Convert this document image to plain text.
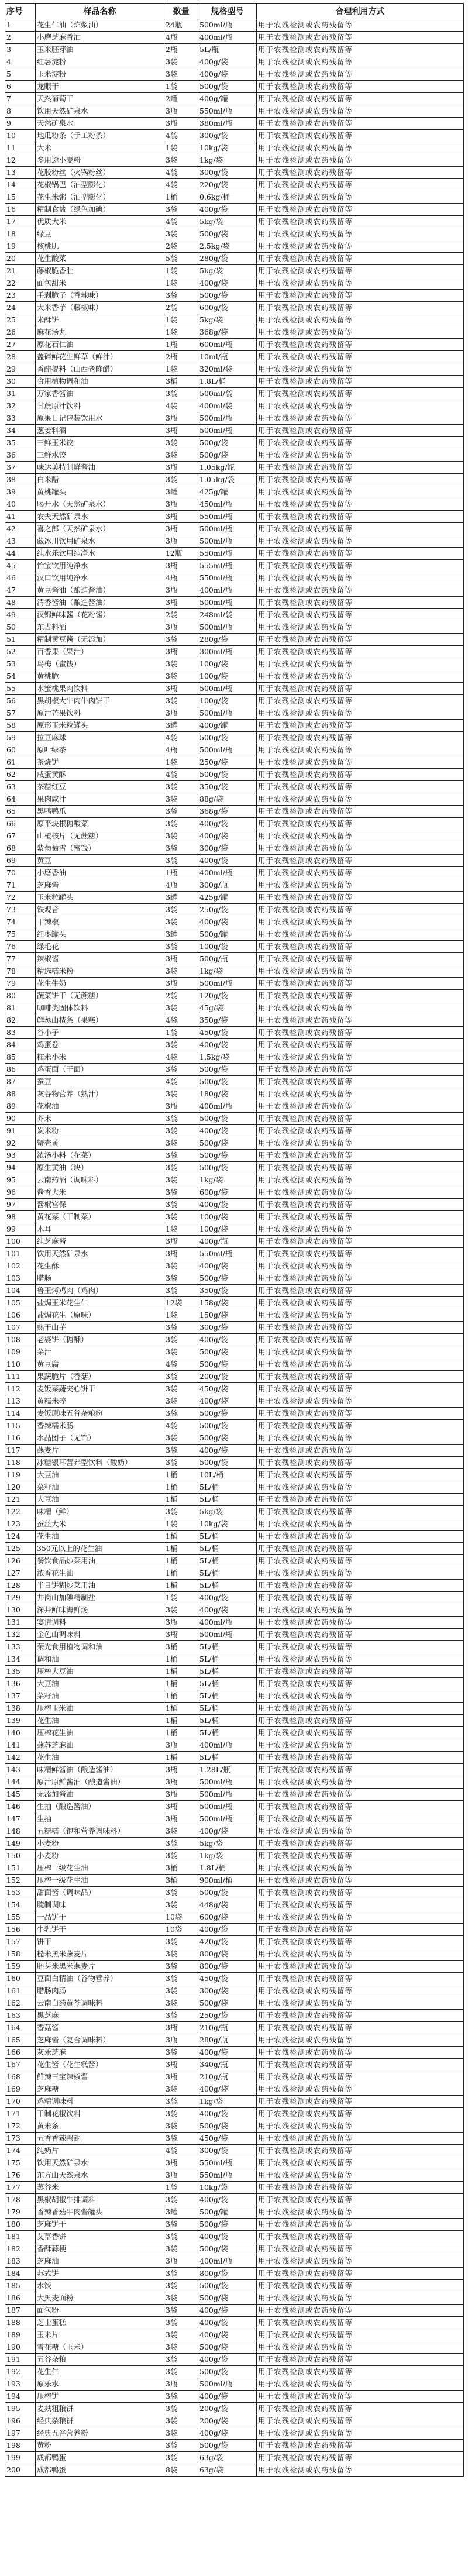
序号	样品名称	数量	规格型号	合理利用方式
1	花生仁油（炸浆油）	24瓶	500ml/瓶	用于农残检测或农药残留等
2	小磨芝麻香油	4瓶	400ml/瓶	用于农残检测或农药残留等
3	玉米胚芽油	2瓶	5L/瓶	用于农残检测或农药残留等
4	红薯淀粉	3袋	400g/袋	用于农残检测或农药残留等
5	玉米淀粉	3袋	400g/袋	用于农残检测或农药残留等
6	龙眼干	1袋	500g/袋	用于农残检测或农药残留等
7	天然葡萄干	2罐	400g/罐	用于农残检测或农药残留等
8	饮用天然矿泉水	3瓶	550ml/瓶	用于农残检测或农药残留等
9	天然矿泉水	3瓶	380ml/瓶	用于农残检测或农药残留等
10	地瓜粉条（手工粉条）	4袋	300g/袋	用于农残检测或农药残留等
11	大米	1袋	10kg/袋	用于农残检测或农药残留等
12	多用途小麦粉	3袋	1kg/袋	用于农残检测或农药残留等
13	花胶粉丝（火锅粉丝）	4袋	300g/袋	用于农残检测或农药残留等
14	花椒锅巴（油型膨化）	4袋	220g/袋	用于农残检测或农药残留等
15	花生米粥（油型膨化）	1桶	0.6kg/桶	用于农残检测或农药残留等
16	精制食盐（绿色加碘）	3袋	400g/袋	用于农残检测或农药残留等
17	优质大米	4袋	5kg/袋	用于农残检测或农药残留等
18	绿豆	3袋	500g/袋	用于农残检测或农药残留等
19	核桃肌	2袋	2.5kg/袋	用于农残检测或农药残留等
20	花生酸菜	5袋	280g/袋	用于农残检测或农药残留等
21	藤椒脆香肚	1袋	5kg/袋	用于农残检测或农药残留等
22	面包甜米	1袋	400g/袋	用于农残检测或农药残留等
23	手剥脆子（香辣味）	3袋	500g/袋	用于农残检测或农药残留等
24	大米香芋（藤椒味）	2袋	600g/袋	用于农残检测或农药残留等
25	米酥饼	1袋	5kg/袋	用于农残检测或农药残留等
26	麻花汤丸	1袋	368g/袋	用于农残检测或农药残留等
27	原花石仁油	1瓶	600ml/瓶	用于农残检测或农药残留等
28	盖碎鲜花生鲜草（鲜汁）	2瓶	10ml/瓶	用于农残检测或农药残留等
29	香醋提料（山西老陈醋）	1袋	320ml/袋	用于农残检测或农药残留等
30	食用植物调和油	3桶	1.8L/桶	用于农残检测或农药残留等
31	万家香酱油	3袋	500ml/袋	用于农残检测或农药残留等
32	甘蔗原汁饮料	4袋	400ml/袋	用于农残检测或农药残留等
33	原果日记包装饮用水	3瓶	500ml/瓶	用于农残检测或农药残留等
34	葱姜料酒	3瓶	500ml/瓶	用于农残检测或农药残留等
35	三鲜玉米饺	3袋	500g/袋	用于农残检测或农药残留等
36	三鲜水饺	3袋	500g/袋	用于农残检测或农药残留等
37	味达美特制鲜酱油	3瓶	1.05kg/瓶	用于农残检测或农药残留等
38	白米醋	3袋	1.05kg/袋	用于农残检测或农药残留等
39	黄桃罐头	3罐	425g/罐	用于农残检测或农药残留等
40	喝开水（天然矿泉水）	3瓶	450ml/瓶	用于农残检测或农药残留等
41	农夫天然矿泉水	3瓶	550ml/瓶	用于农残检测或农药残留等
42	喜之郎（天然矿泉水）	3瓶	500ml/瓶	用于农残检测或农药残留等
43	藏冰川饮用矿泉水	3瓶	500ml/瓶	用于农残检测或农药残留等
44	纯水乐饮用纯净水	12瓶	550ml/瓶	用于农残检测或农药残留等
45	怡宝饮用纯净水	3瓶	555ml/瓶	用于农残检测或农药残留等
46	汉口饮用纯净水	4瓶	550ml/瓶	用于农残检测或农药残留等
47	黄豆酱油（酿造酱油）	3瓶	400ml/瓶	用于农残检测或农药残留等
48	清香酱油（酿造酱油）	3瓶	500ml/瓶	用于农残检测或农药残留等
49	汉锦鲜味酱（花粉酱）	2袋	248ml/袋	用于农残检测或农药残留等
50	东古料酒	3瓶	500ml/瓶	用于农残检测或农药残留等
51	精制黄豆酱（无添加）	3袋	280g/袋	用于农残检测或农药残留等
52	百香果（果汁）	3瓶	300ml/瓶	用于农残检测或农药残留等
53	鸟梅（蜜饯）	3袋	100g/袋	用于农残检测或农药残留等
54	黄桃脆	3袋	100g/袋	用于农残检测或农药残留等
55	水蜜桃果肉饮料	3瓶	500ml/瓶	用于农残检测或农药残留等
56	黑胡椒大牛肉牛肉饼干	3袋	100g/袋	用于农残检测或农药残留等
57	原汁芒果饮料	3瓶	500ml/瓶	用于农残检测或农药残留等
58	原形玉米粒罐头	3罐	400g/罐	用于农残检测或农药残留等
59	拉豆麻球	4袋	500g/袋	用于农残检测或农药残留等
60	原叶绿茶	4瓶	500ml/瓶	用于农残检测或农药残留等
61	茶烧饼	1袋	250g/袋	用于农残检测或农药残留等
62	咸蛋黄酥	4袋	500g/袋	用于农残检测或农药残留等
63	茶糖红豆	3袋	350g/袋	用于农残检测或农药残留等
64	果肉咸汁	3袋	88g/袋	用于农残检测或农药残留等
65	黑鸭鸭爪	3袋	368g/袋	用于农残检测或农药残留等
66	原平块根糖酸菜	3袋	400g/袋	用于农残检测或农药残留等
67	山楂核片（无蔗糖）	3袋	400g/袋	用于农残检测或农药残留等
68	紫葡萄雪（蜜饯）	3袋	300g/袋	用于农残检测或农药残留等
69	黄豆	3袋	400g/袋	用于农残检测或农药残留等
70	小磨香油	1瓶	400ml/瓶	用于农残检测或农药残留等
71	芝麻酱	4瓶	300g/瓶	用于农残检测或农药残留等
72	玉米粒罐头	3罐	425g/罐	用于农残检测或农药残留等
73	铁观音	3袋	250g/袋	用于农残检测或农药残留等
74	干辣椒	3袋	400g/袋	用于农残检测或农药残留等
75	红枣罐头	3罐	500g/罐	用于农残检测或农药残留等
76	绿毛花	3袋	100g/袋	用于农残检测或农药残留等
77	辣椒酱	3瓶	500g/瓶	用于农残检测或农药残留等
78	精选糯米粉	3袋	1kg/袋	用于农残检测或农药残留等
79	花生牛奶	3瓶	500ml/瓶	用于农残检测或农药残留等
80	蔬菜饼干（无蔗糖）	2袋	120g/袋	用于农残检测或农药残留等
81	咖啡类固体饮料	3袋	45g/袋	用于农残检测或农药残留等
82	鲜蒸山楂条（果糕）	4袋	350g/袋	用于农残检测或农药残留等
83	谷小子	1袋	450g/袋	用于农残检测或农药残留等
84	鸡蛋卷	3袋	400g/袋	用于农残检测或农药残留等
85	糯米小米	4袋	1.5kg/袋	用于农残检测或农药残留等
86	鸡蛋面（干面）	3袋	500g/袋	用于农残检测或农药残留等
87	蚕豆	4袋	500g/袋	用于农残检测或农药残留等
88	灰谷物营养（熟汁）	3袋	180g/袋	用于农残检测或农药残留等
89	花椒油	3瓶	400ml/瓶	用于农残检测或农药残留等
90	芥末	3袋	500g/袋	用于农残检测或农药残留等
91	炭米粉	3袋	400g/袋	用于农残检测或农药残留等
92	蟹壳黄	3袋	500g/袋	用于农残检测或农药残留等
93	浓汤小料（花菜）	3袋	500g/袋	用于农残检测或农药残留等
94	原生黄油（块）	3袋	500g/袋	用于农残检测或农药残留等
95	云南药酒（调味料）	3袋	1kg/袋	用于农残检测或农药残留等
96	酱香大米	3袋	600g/袋	用于农残检测或农药残留等
97	酱椒宫保	3袋	400g/袋	用于农残检测或农药残留等
98	黄花菜（干制菜）	3袋	100g/袋	用于农残检测或农药残留等
99	木耳	1袋	100g/袋	用于农残检测或农药残留等
100	纯芝麻酱	3瓶	400g/瓶	用于农残检测或农药残留等
101	饮用天然矿泉水	3瓶	550ml/瓶	用于农残检测或农药残留等
102	花生酥	3袋	400g/袋	用于农残检测或农药残留等
103	腊肠	3袋	500g/袋	用于农残检测或农药残留等
104	鲁王烤鸡肉（鸡肉）	3袋	350g/袋	用于农残检测或农药残留等
105	盐焗玉米花生仁	12袋	158g/袋	用于农残检测或农药残留等
106	盐焗花生（原味）	1袋	150g/袋	用于农残检测或农药残留等
107	熟干山芋	3袋	300g/袋	用于农残检测或农药残留等
108	老婆饼（糖酥）	3袋	400g/袋	用于农残检测或农药残留等
109	菜汁	3袋	500g/袋	用于农残检测或农药残留等
110	黄豆腐	4袋	500g/袋	用于农残检测或农药残留等
111	果蔬脆片（香菇）	3袋	200g/袋	用于农残检测或农药残留等
112	麦饭菜蔬夹心饼干	3袋	450g/袋	用于农残检测或农药残留等
113	黄糯米碎	3袋	400g/袋	用于农残检测或农药残留等
114	麦饭原味五谷杂粮粉	3袋	500g/袋	用于农残检测或农药残留等
115	香辣糯米肠	4袋	500g/袋	用于农残检测或农药残留等
116	水晶团子（无馅）	3袋	500g/袋	用于农残检测或农药残留等
117	燕麦片	3袋	400g/袋	用于农残检测或农药残留等
118	冰糖银耳营养型饮料（酸奶）	3袋	500g/袋	用于农残检测或农药残留等
119	大豆油	1桶	10L/桶	用于农残检测或农药残留等
120	菜籽油	1桶	5L/桶	用于农残检测或农药残留等
121	大豆油	1桶	5L/桶	用于农残检测或农药残留等
122	味精（鲜）	3袋	5kg/袋	用于农残检测或农药残留等
123	蚕丝大米	1袋	10kg/袋	用于农残检测或农药残留等
124	花生油	1桶	5L/桶	用于农残检测或农药残留等
125	350元以上的花生油	1桶	5L/桶	用于农残检测或农药残留等
126	餐饮食品炒菜用油	1桶	5L/桶	用于农残检测或农药残留等
127	浓香花生油	1桶	5L/桶	用于农残检测或农药残留等
128	半日饼糊炒菜用油	1桶	5L/桶	用于农残检测或农药残留等
129	井岗山加碘精制盐	1袋	400g/袋	用于农残检测或农药残留等
130	深井鲜味海鲜汤	3袋	400g/袋	用于农残检测或农药残留等
131	宴请调料	3瓶	400ml/瓶	用于农残检测或农药残留等
132	金色山调味料	3瓶	500ml/瓶	用于农残检测或农药残留等
133	荣光食用植物调和油	3桶	5L/桶	用于农残检测或农药残留等
134	调和油	1桶	5L/桶	用于农残检测或农药残留等
135	压榨大豆油	1桶	5L/桶	用于农残检测或农药残留等
136	大豆油	1桶	5L/桶	用于农残检测或农药残留等
137	菜籽油	1桶	5L/桶	用于农残检测或农药残留等
138	压榨玉米油	1桶	5L/桶	用于农残检测或农药残留等
139	花生油	1桶	5L/桶	用于农残检测或农药残留等
140	压榨花生油	1桶	5L/桶	用于农残检测或农药残留等
141	燕苏芝麻油	3瓶	400ml/瓶	用于农残检测或农药残留等
142	花生油	1桶	5L/桶	用于农残检测或农药残留等
143	味精鲜酱油（酿造酱油）	3瓶	1.28L/瓶	用于农残检测或农药残留等
144	原汁原鲜酱油（酿造酱油）	3瓶	500ml/瓶	用于农残检测或农药残留等
145	无添加酱油	3瓶	500ml/瓶	用于农残检测或农药残留等
146	生抽（酿造酱油）	3瓶	500ml/瓶	用于农残检测或农药残留等
147	生抽	3瓶	500ml/瓶	用于农残检测或农药残留等
148	五糖糯（饱和营养调味料）	3袋	400g/袋	用于农残检测或农药残留等
149	小麦粉	3袋	5kg/袋	用于农残检测或农药残留等
150	小麦粉	3袋	1kg/袋	用于农残检测或农药残留等
151	压榨一级花生油	3桶	1.8L/桶	用于农残检测或农药残留等
152	压榨一级花生油	3桶	900ml/桶	用于农残检测或农药残留等
153	甜面酱（调味品）	3袋	500g/袋	用于农残检测或农药残留等
154	腌制调味	3袋	448g/袋	用于农残检测或农药残留等
155	一品饼干	10袋	600g/袋	用于农残检测或农药残留等
156	牛乳饼干	10袋	400g/袋	用于农残检测或农药残留等
157	饼干	3袋	420g/袋	用于农残检测或农药残留等
158	糙米黑米燕麦片	3袋	800g/袋	用于农残检测或农药残留等
159	胚芽米黑米燕麦片	3袋	800g/袋	用于农残检测或农药残留等
160	豆面白精油（谷物营养）	3袋	450g/袋	用于农残检测或农药残留等
161	腊肠肉肠	3袋	300g/袋	用于农残检测或农药残留等
162	云南白药黄芩调味料	3袋	500g/袋	用于农残检测或农药残留等
163	黑芝麻	3袋	250g/袋	用于农残检测或农药残留等
164	香菇酱	3瓶	210g/瓶	用于农残检测或农药残留等
165	芝麻酱（复合调味料）	3瓶	280g/瓶	用于农残检测或农药残留等
166	灰乐芝麻	3袋	400g/袋	用于农残检测或农药残留等
167	花生酱（花生糕酱）	3瓶	340g/瓶	用于农残检测或农药残留等
168	鲜辣三宝辣椒酱	3瓶	210g/瓶	用于农残检测或农药残留等
169	芝麻糖	3袋	400g/袋	用于农残检测或农药残留等
170	鸡精调味料	3袋	1kg/袋	用于农残检测或农药残留等
171	干制花椒饮料	3袋	400g/袋	用于农残检测或农药残留等
172	黄米条	3袋	500g/袋	用于农残检测或农药残留等
173	五香香辣鸭翅	3袋	450g/袋	用于农残检测或农药残留等
174	纯奶片	4袋	300g/袋	用于农残检测或农药残留等
175	饮用天然矿泉水	3瓶	550ml/瓶	用于农残检测或农药残留等
176	东方山天然泉水	3瓶	550ml/瓶	用于农残检测或农药残留等
177	蒸谷米	1袋	10kg/袋	用于农残检测或农药残留等
178	黑椒胡椒牛排调料	3袋	400g/袋	用于农残检测或农药残留等
179	香辣香菇牛肉酱罐头	3罐	500g/罐	用于农残检测或农药残留等
180	芝麻饼干	3袋	500g/袋	用于农残检测或农药残留等
181	艾草香饼	3袋	400g/袋	用于农残检测或农药残留等
182	香酥蒜梗	3袋	500g/袋	用于农残检测或农药残留等
183	芝麻油	3瓶	400ml/瓶	用于农残检测或农药残留等
184	苏式饼	3袋	800g/袋	用于农残检测或农药残留等
185	水饺	3袋	500g/袋	用于农残检测或农药残留等
186	大黑麦面粉	3袋	500g/袋	用于农残检测或农药残留等
187	面包粉	3袋	400g/袋	用于农残检测或农药残留等
188	芝士蛋糕	3袋	400g/袋	用于农残检测或农药残留等
189	玉米片	3袋	400g/袋	用于农残检测或农药残留等
190	雪花糖（玉米）	3袋	500g/袋	用于农残检测或农药残留等
191	五谷杂粮	3袋	400g/袋	用于农残检测或农药残留等
192	花生仁	3袋	500g/袋	用于农残检测或农药残留等
193	原乐水	3瓶	500ml/瓶	用于农残检测或农药残留等
194	压榨饼	3袋	400g/袋	用于农残检测或农药残留等
195	麦麸粗粮饼	3袋	200g/袋	用于农残检测或农药残留等
196	经典杂粮饼	3袋	200g/袋	用于农残检测或农药残留等
197	经典五谷营养粉	3袋	400g/袋	用于农残检测或农药残留等
198	黄粉	3袋	500g/袋	用于农残检测或农药残留等
199	成都鸭蛋	3袋	63g/袋	用于农残检测或农药残留等
200	成都鸭蛋	8袋	63g/袋	用于农残检测或农药残留等
